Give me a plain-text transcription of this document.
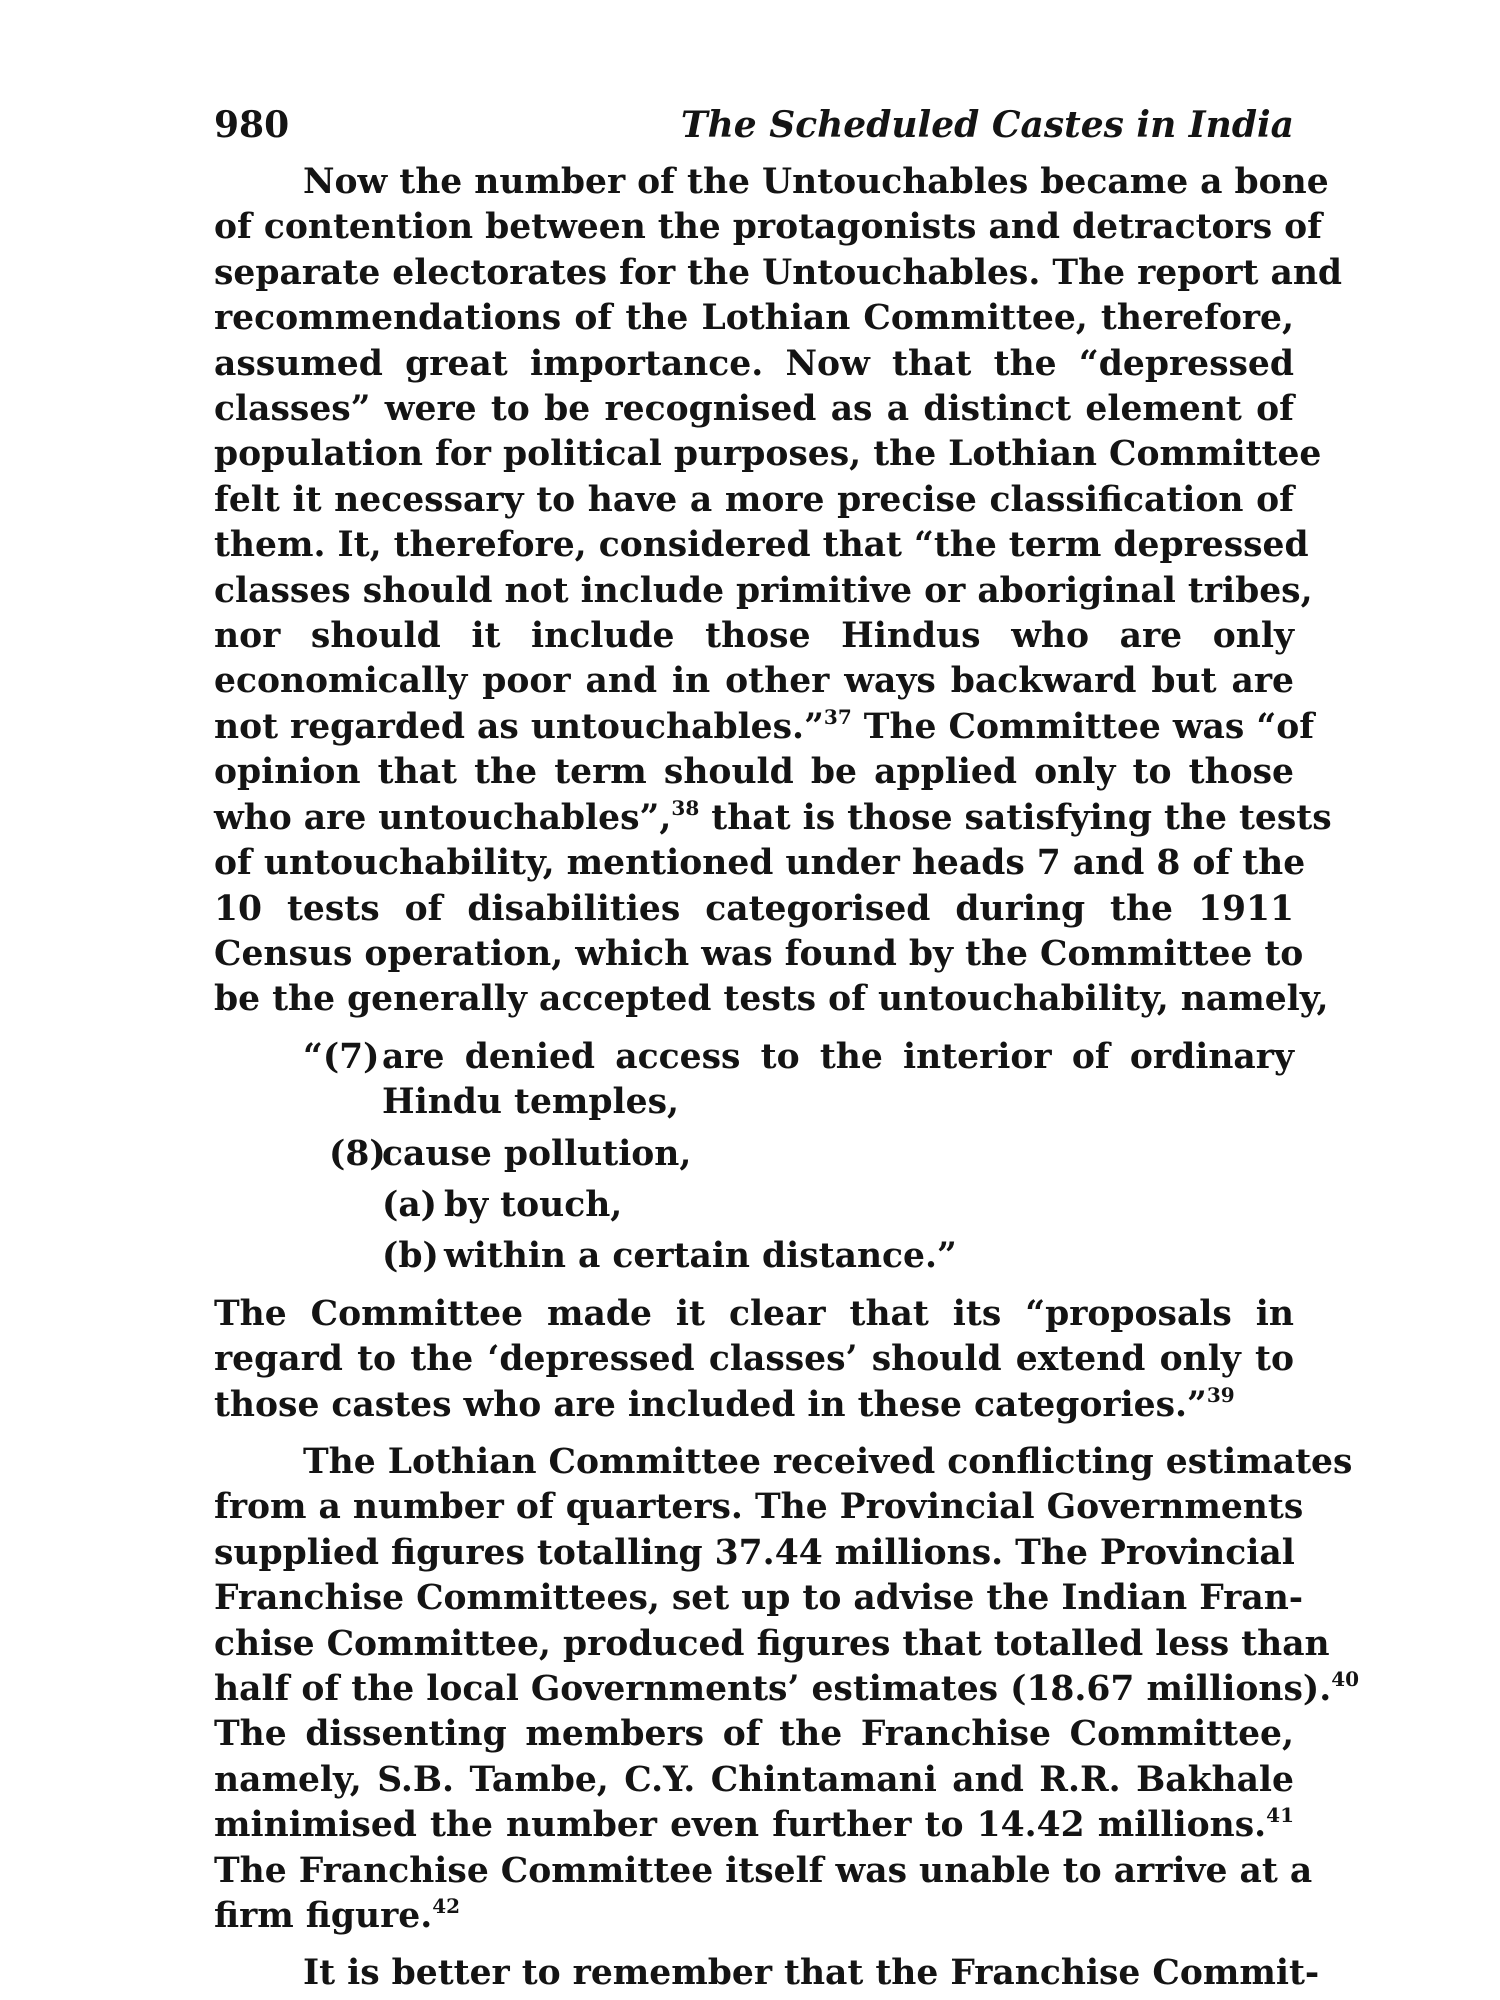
980	The Scheduled Castes in India
Now the number of the Untouchables became a bone
of contention between the protagonists and detractors of
separate electorates for the Untouchables. The report and
recommendations of the Lothian Committee, therefore,
assumed great importance. Now that the “depressed
classes” were to be recognised as a distinct element of
population for political purposes, the Lothian Committee
felt it necessary to have a more precise classification of
them. It, therefore, considered that “the term depressed
classes should not include primitive or aboriginal tribes,
nor should it include those Hindus who are only
economically poor and in other ways backward but are
not regarded as untouchables.”$^{37}$ The Committee was “of
opinion that the term should be applied only to those
who are untouchables”,$^{38}$ that is those satisfying the tests
of untouchability, mentioned under heads 7 and 8 of the
10 tests of disabilities categorised during the 1911
Census operation, which was found by the Committee to
be the generally accepted tests of untouchability, namely,
“(7) are denied access to the interior of ordinary
Hindu temples,
(8)
cause pollution,
(a) by touch,
(b) within a certain distance.”
The Committee made it clear that its “proposals in
regard to the ‘depressed classes’ should extend only to
those castes who are included in these categories.”$^{39}$
The Lothian Committee received conflicting estimates
from a number of quarters. The Provincial Governments
supplied figures totalling 37.44 millions. The Provincial
Franchise Committees, set up to advise the Indian Fran-
chise Committee, produced figures that totalled less than
half of the local Governments’ estimates (18.67 millions).$^{40}$
The dissenting members of the Franchise Committee,
namely, S.B. Tambe, C.Y. Chintamani and R.R. Bakhale
minimised the number even further to 14.42 millions.$^{41}$
The Franchise Committee itself was unable to arrive at a
firm figure.$^{42}$
It is better to remember that the Franchise Commit-
